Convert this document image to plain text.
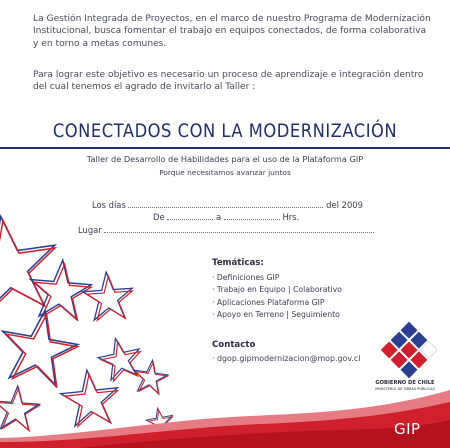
La Gestión Integrada de Proyectos, en el marco de nuestro Programa de Modernización Institucional, busca fomentar el trabajo en equipos conectados, de forma colaborativa y en torno a metas comunes.

Para lograr este objetivo es necesario un proceso de aprendizaje e integración dentro del cual tenemos el agrado de invitarlo al Taller :

CONECTADOS CON LA MODERNIZACIÓN
Taller de Desarrollo de Habilidades para el uso de la Plataforma GIP
Porque necesitamos avanzar juntos
Los días	del 2009
De	a	Hrs.
Lugar
Temáticas:
· Definiciones GIP
· Trabajo en Equipo | Colaborativo
· Aplicaciones Plataforma GIP
· Apoyo en Terreno | Seguimiento
Contacto
· dgop.gipmodernizacion@mop.gov.cl
GOBIERNO DE CHILE
MINISTERIO DE OBRAS PÚBLICAS
GIP
